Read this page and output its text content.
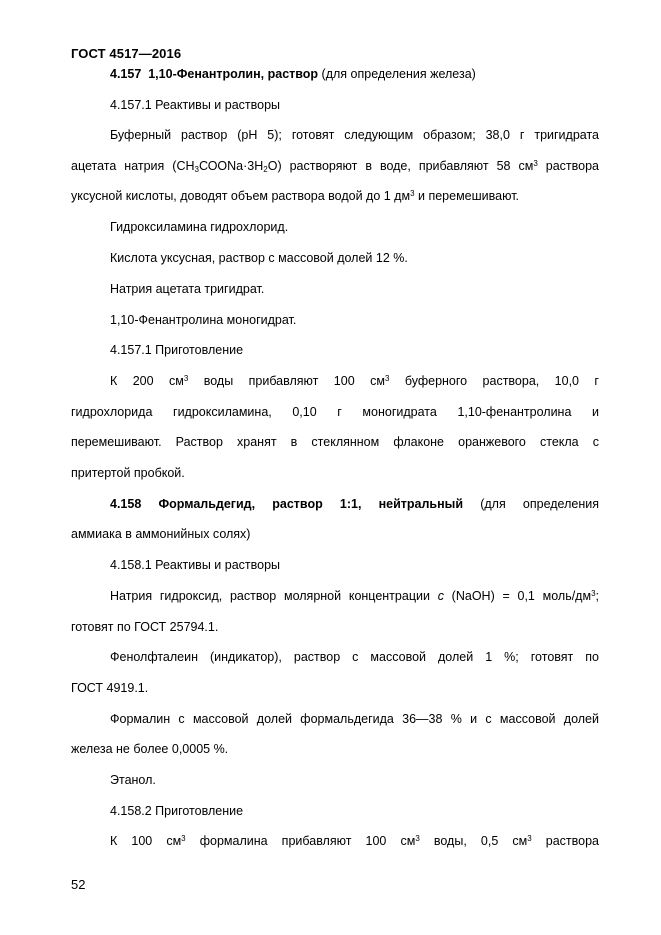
ГОСТ 4517—2016
4.157 1,10-Фенантролин, раствор (для определения железа)
4.157.1 Реактивы и растворы
Буферный раствор (рН 5); готовят следующим образом; 38,0 г тригидрата
ацетата натрия $(СН_3СООNa\cdot 3Н_2О)$ растворяют в воде, прибавляют 58 $см^3$ раствора
уксусной кислоты, доводят объем раствора водой до 1 $дм^3$ и перемешивают.
Гидроксиламина гидрохлорид.
Кислота уксусная, раствор с массовой долей 12 %.
Натрия ацетата тригидрат.
1,10-Фенантролина моногидрат.
4.157.1 Приготовление
К 200 $см^3$ воды прибавляют 100 $см^3$ буферного раствора, 10,0 г
гидрохлорида гидроксиламина, 0,10 г моногидрата 1,10-фенантролина и
перемешивают. Раствор хранят в стеклянном флаконе оранжевого стекла с
притертой пробкой.
4.158 Формальдегид, раствор 1:1, нейтральный (для определения
аммиака в аммонийных солях)
4.158.1 Реактивы и растворы
Натрия гидроксид, раствор молярной концентрации c (NaOH) = 0,1 моль/$дм^3$;
готовят по ГОСТ 25794.1.
Фенолфталеин (индикатор), раствор с массовой долей 1 %; готовят по
ГОСТ 4919.1.
Формалин с массовой долей формальдегида 36—38 % и с массовой долей
железа не более 0,0005 %.
Этанол.
4.158.2 Приготовление
К 100 $см^3$ формалина прибавляют 100 $см^3$ воды, 0,5 $см^3$ раствора
52
